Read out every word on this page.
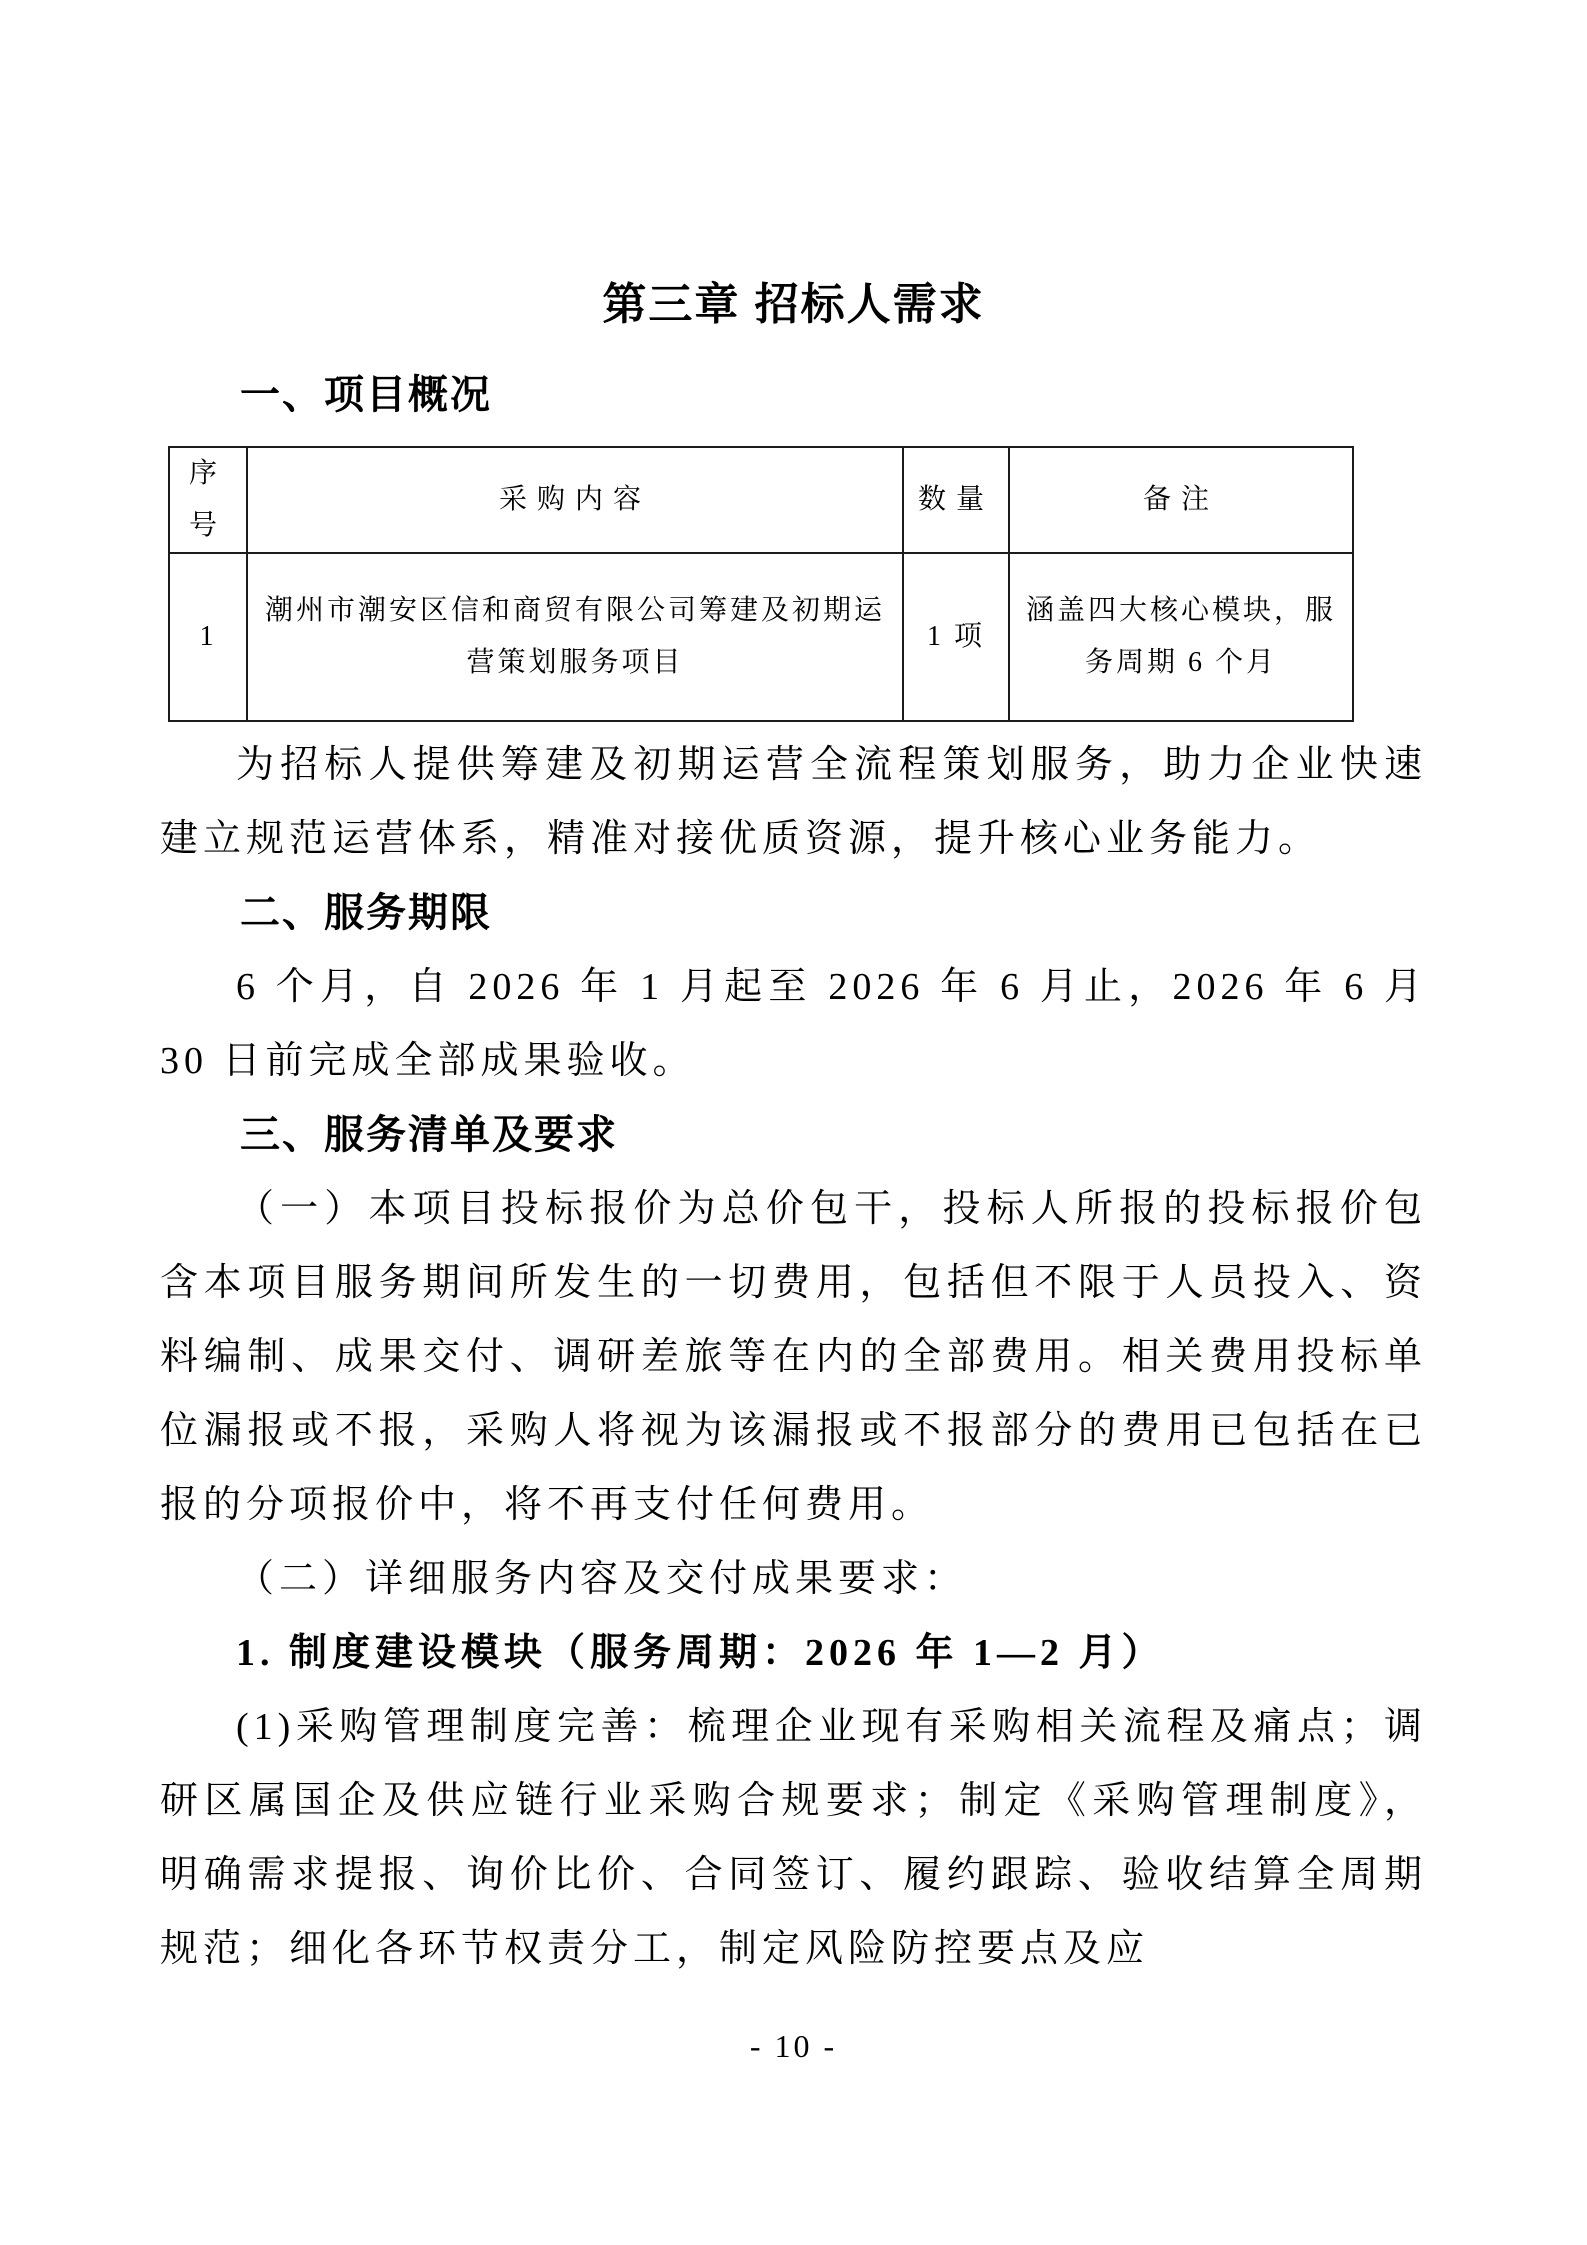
第三章 招标人需求
一、项目概况
序号	采购内容	数量	备注
1	潮州市潮安区信和商贸有限公司筹建及初期运营策划服务项目	1 项	涵盖四大核心模块，服务周期 6 个月

为招标人提供筹建及初期运营全流程策划服务，助力企业快速建立规范运营体系，精准对接优质资源，提升核心业务能力。

二、服务期限

6 个月，自 2026 年 1 月起至 2026 年 6 月止，2026 年 6 月 30 日前完成全部成果验收。

三、服务清单及要求

（一）本项目投标报价为总价包干，投标人所报的投标报价包含本项目服务期间所发生的一切费用，包括但不限于人员投入、资料编制、成果交付、调研差旅等在内的全部费用。相关费用投标单位漏报或不报，采购人将视为该漏报或不报部分的费用已包括在已报的分项报价中，将不再支付任何费用。

（二）详细服务内容及交付成果要求：

1. 制度建设模块（服务周期：2026 年 1—2 月）

(1)采购管理制度完善：梳理企业现有采购相关流程及痛点；调研区属国企及供应链行业采购合规要求；制定《采购管理制度》，明确需求提报、询价比价、合同签订、履约跟踪、验收结算全周期规范；细化各环节权责分工，制定风险防控要点及应

- 10 -
